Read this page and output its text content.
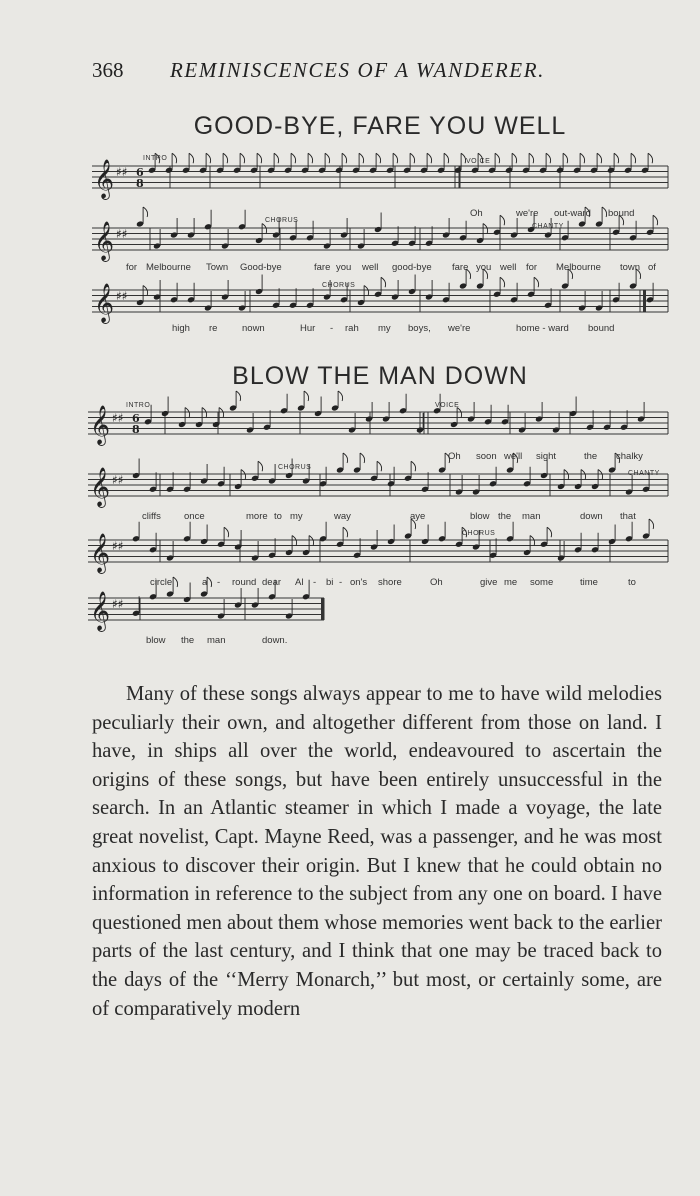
368 REMINISCENCES OF A WANDERER.
GOOD-BYE, FARE YOU WELL
BLOW THE MAN DOWN
𝄞 ♯♯ 6
8
𝄞 ♯♯
𝄞 ♯♯
𝄞 ♯♯ 6
8
𝄞 ♯♯
𝄞 ♯♯
𝄞 ♯♯
INTRO	VOICE
CHORUS
CHANTY
CHORUS
Oh	we're out-ward bound
for Melbourne Town Good-bye	fare you well good-bye fare you well for Melbourne town of
high re	nown	Hur - rah my boys, we're	home - ward bound
INTRO.	VOICE
CHORUS
CHANTY
CHORUS
Oh soon we'll sight	the chalky
cliffs once	more to my	way	aye	blow the man	down that
circle	a - round dear Al - bi - on's shore	Oh	give me some	time	to
blow the man	down.

Many of these songs always appear to me to have wild melodies peculiarly their own, and altogether different from those on land. I have, in ships all over the world, endeavoured to ascertain the origins of these songs, but have been entirely unsuccessful in the search. In an Atlantic steamer in which I made a voyage, the late great novelist, Capt. Mayne Reed, was a passenger, and he was most anxious to discover their origin. But I knew that he could obtain no information in reference to the subject from any one on board. I have questioned men about them whose memories went back to the earlier parts of the last century, and I think that one may be traced back to the days of the ‘‘Merry Monarch,’’ but most, or certainly some, are of comparatively modern
